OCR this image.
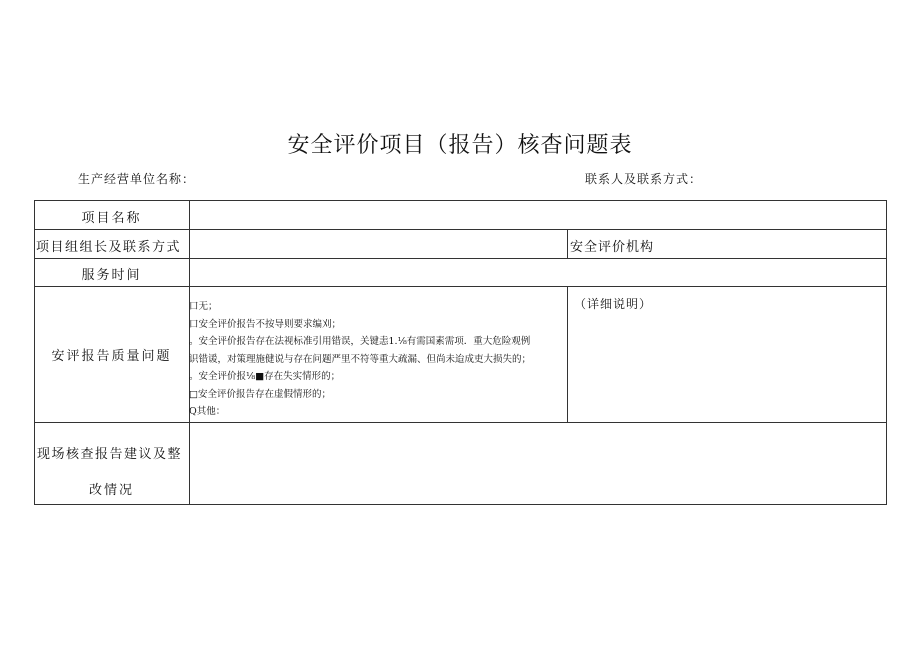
安全评价项目（报告）核杳问题表
生产经营单位名称：	联系人及联系方式：
项目名称
项目组组长及联系方式	安全评价机构
服务时间
安评报告质量问题
口无；
口安全评价报告不按导则要求编刈；
。安全评价报告存在法视标准引用错误，关键恚1.⅛有需国素需项．重大危险观例
识错谖，对策理施健说与存在问题严里不符等重大疏漏、但尚未迨成吏大损失的；
。安全评价报⅛■存在失实情形的；
□安全评价报告存在虚假情形的；
Q其他：
（详细说明）
现场核查报告建议及整
改情况
